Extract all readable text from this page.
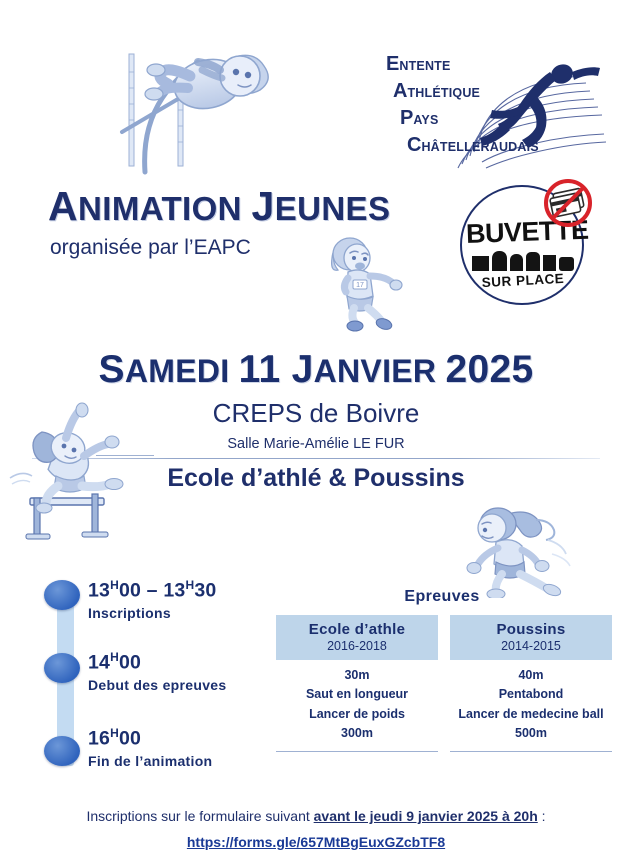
ENTENTE
ATHLÉTIQUE
PAYS
CHÂTELLERAUDAIS
BUVETTE
SUR PLACE
ANIMATION JEUNES
organisée par l’EAPC
17
SAMEDI 11 JANVIER 2025
CREPS de Boivre
Salle Marie-Amélie LE FUR
Ecole d’athlé & Poussins
$13^H00 - 13^H30$
Inscriptions
$14^H00$
Debut des epreuves
$16^H00$
Fin de l’animation
Epreuves
Ecole d’athle
2016-2018
30m
Saut en longueur
Lancer de poids
300m
Poussins
2014-2015
40m
Pentabond
Lancer de medecine ball
500m
Inscriptions sur le formulaire suivant avant le jeudi 9 janvier 2025 à 20h :
https://forms.gle/657MtBgEuxGZcbTF8
